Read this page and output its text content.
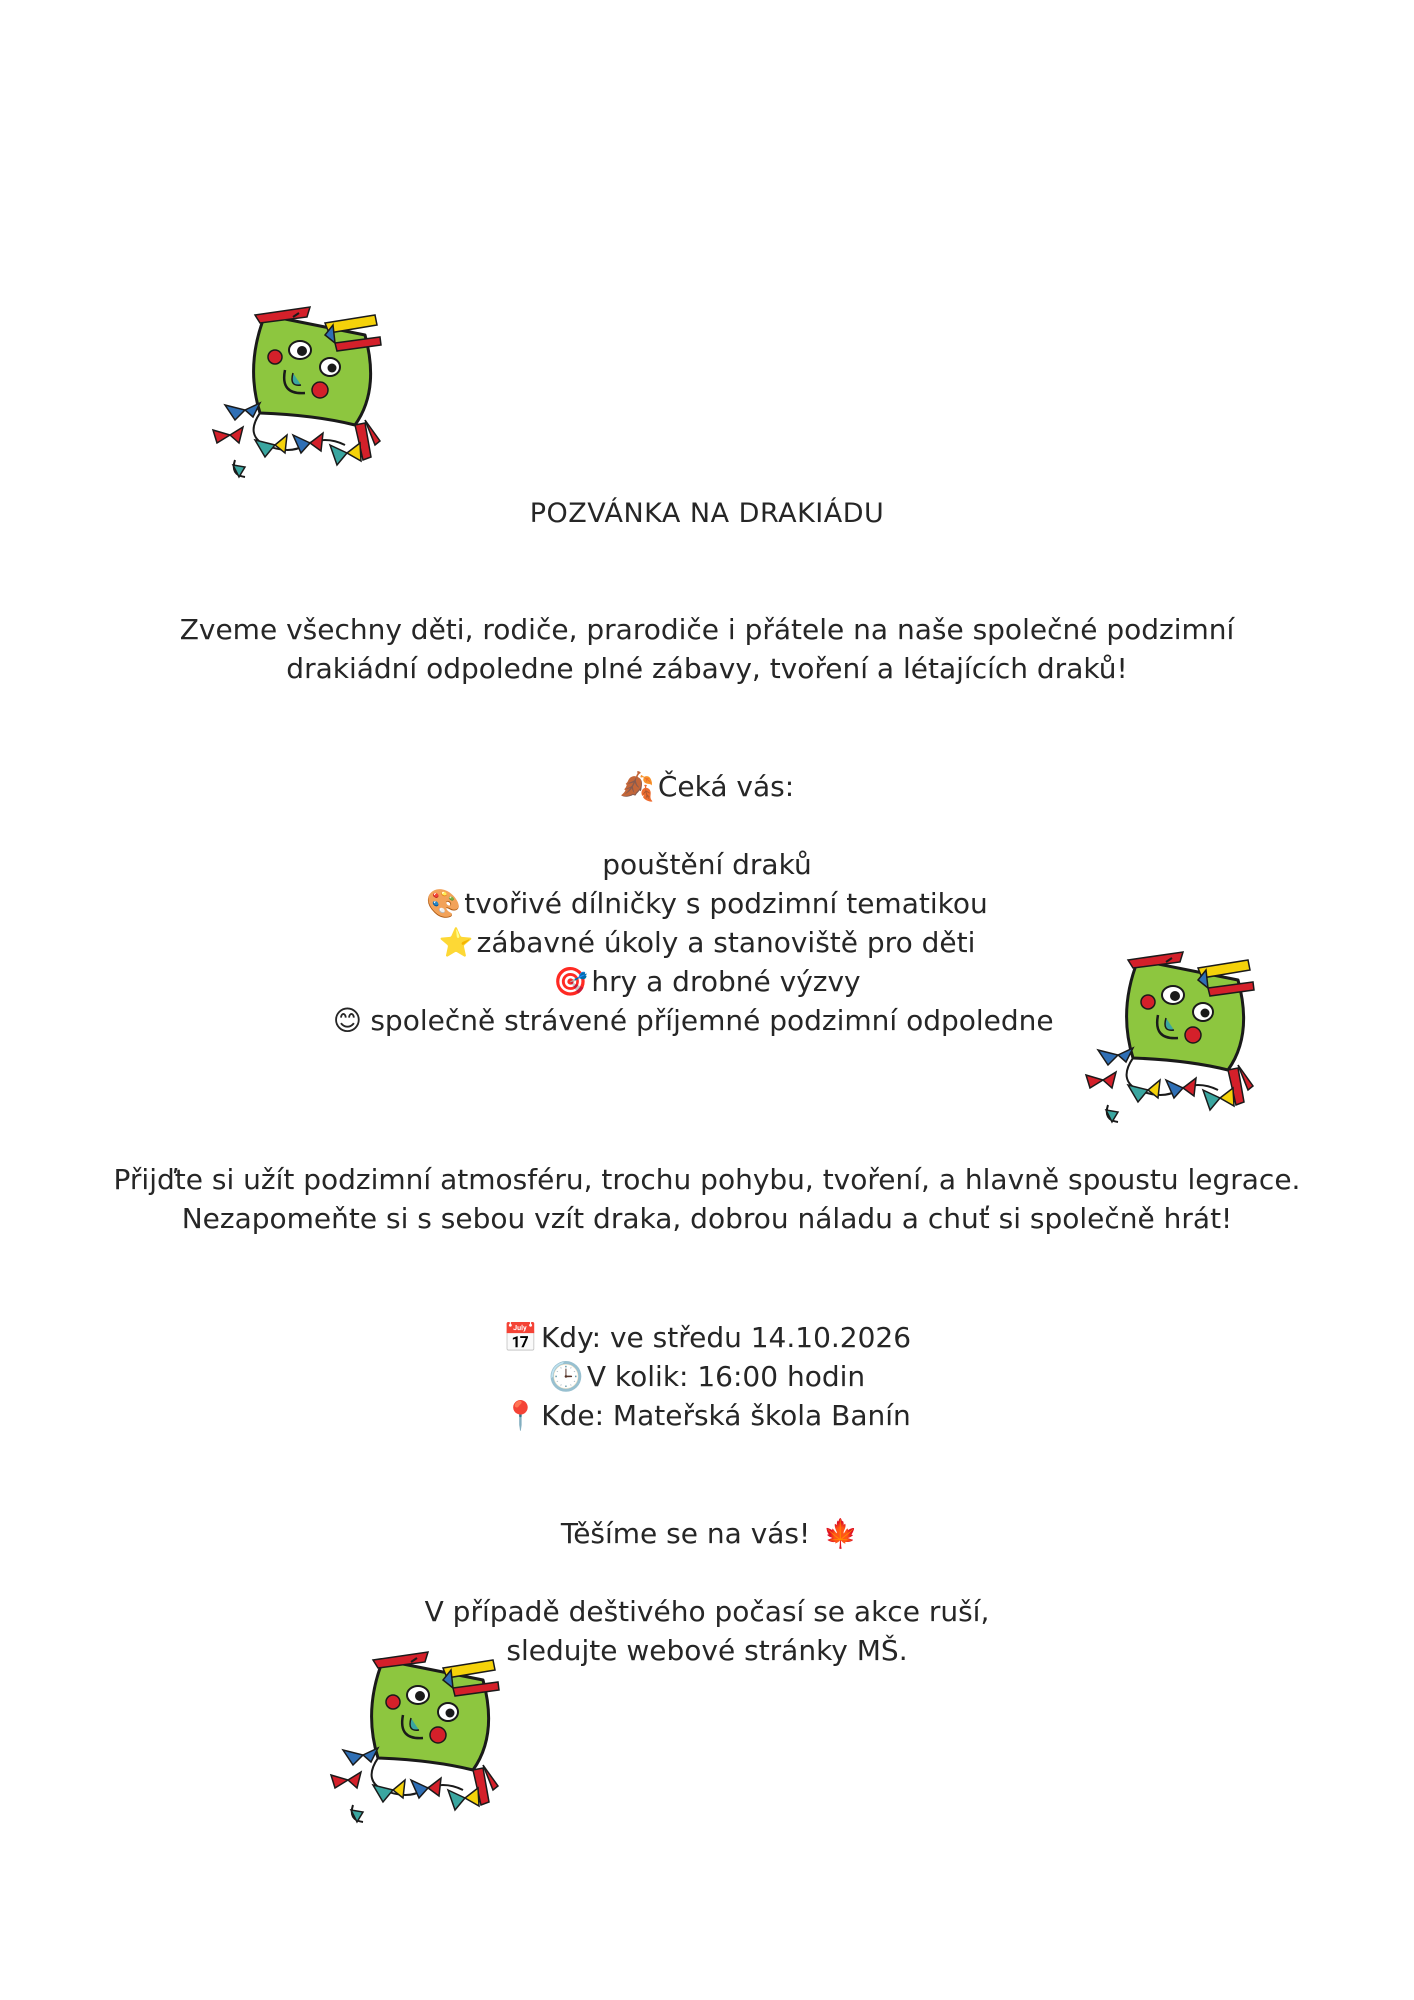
POZVÁNKA NA DRAKIÁDU
Zveme všechny děti, rodiče, prarodiče i přátele na naše společné podzimní
drakiádní odpoledne plné zábavy, tvoření a létajících draků!
🍂 Čeká vás:
pouštění draků
🎨 tvořivé dílničky s podzimní tematikou
⭐ zábavné úkoly a stanoviště pro děti
🎯 hry a drobné výzvy
😊 společně strávené příjemné podzimní odpoledne
Přijďte si užít podzimní atmosféru, trochu pohybu, tvoření, a hlavně spoustu legrace.
Nezapomeňte si s sebou vzít draka, dobrou náladu a chuť si společně hrát!
📅 Kdy: ve středu 14.10.2026
🕒 V kolik: 16:00 hodin
📍 Kde: Mateřská škola Banín
Těšíme se na vás! 🍁
V případě deštivého počasí se akce ruší,
sledujte webové stránky MŠ.
